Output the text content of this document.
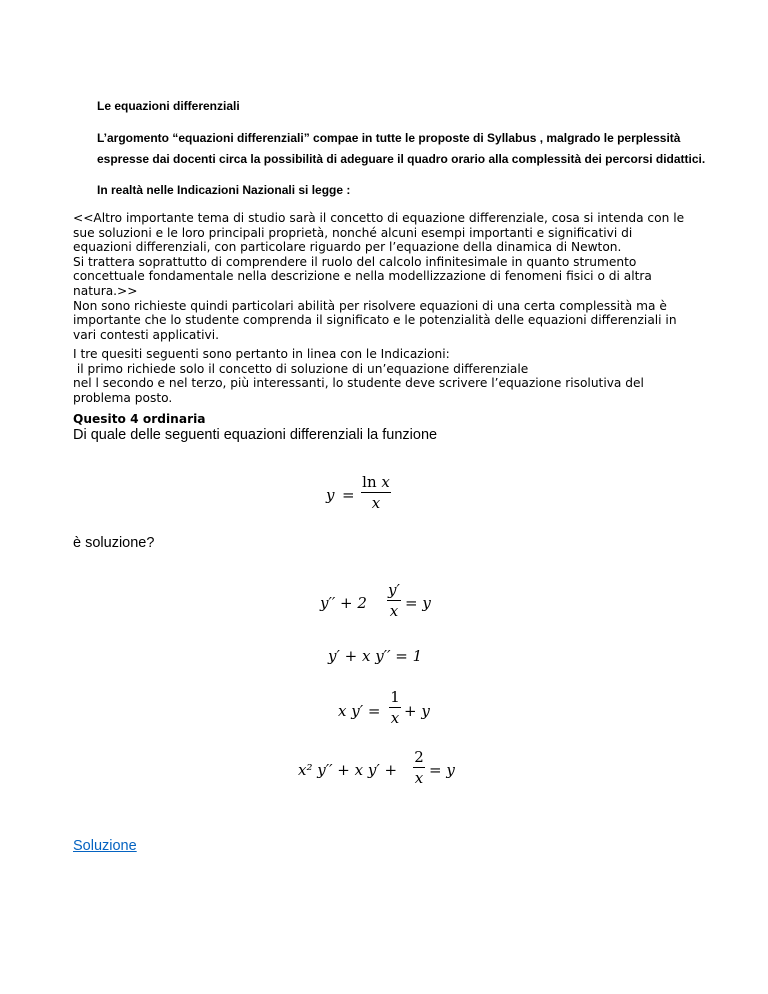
Le equazioni differenziali
L’argomento “equazioni differenziali” compae in tutte le proposte di Syllabus , malgrado le perplessità espresse dai docenti circa la possibilità di adeguare il quadro orario alla complessità dei percorsi didattici.
In realtà nelle Indicazioni Nazionali si legge :

<<Altro importante tema di studio sarà il concetto di equazione differenziale, cosa si intenda con le

sue soluzioni e le loro principali proprietà, nonché alcuni esempi importanti e significativi di

equazioni differenziali, con particolare riguardo per l’equazione della dinamica di Newton.

Si trattera soprattutto di comprendere il ruolo del calcolo infinitesimale in quanto strumento

concettuale fondamentale nella descrizione e nella modellizzazione di fenomeni fisici o di altra

natura.>>

Non sono richieste quindi particolari abilità per risolvere equazioni di una certa complessità ma è

importante che lo studente comprenda il significato e le potenzialità delle equazioni differenziali in

vari contesti applicativi.

I tre quesiti seguenti sono pertanto in linea con le Indicazioni:

il primo richiede solo il concetto di soluzione di un’equazione differenziale

nel l secondo e nel terzo, più interessanti, lo studente deve scrivere l’equazione risolutiva del

problema posto.

Quesito 4 ordinaria
Di quale delle seguenti equazioni differenziali la funzione
y =
ln x
x
è soluzione?
y′′ + 2
y′
x = y
y′ + x y′′ = 1
x y′ =
1
x + y
x² y′′ + x y′ +
2
x = y
Soluzione
